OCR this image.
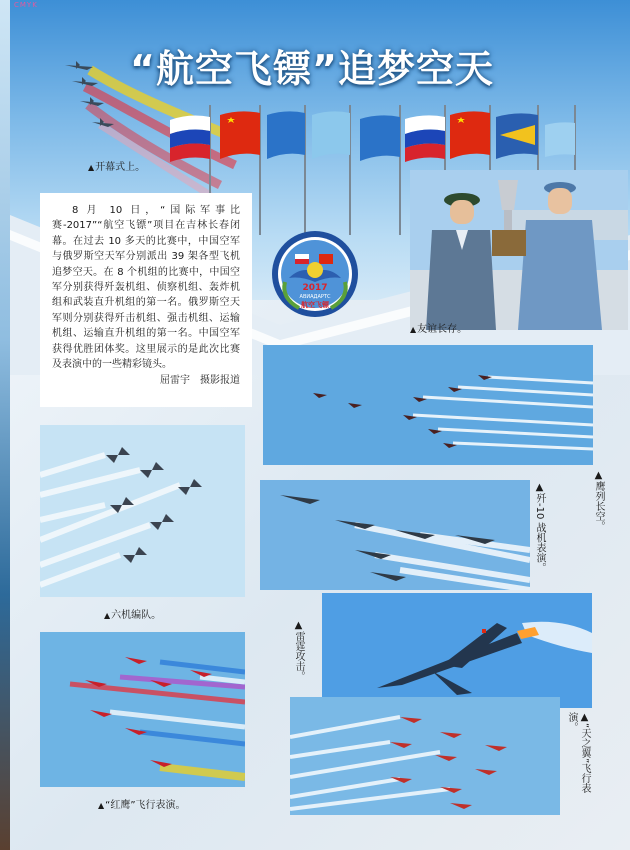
CMYK
“航空飞镖”追梦空天
▲开幕式上。
▲友谊长存。
8 月 10 日，“国际军事比赛-2017”“航空飞镖”项目在吉林长春闭幕。在过去 10 多天的比赛中，中国空军与俄罗斯空天军分别派出 39 架各型飞机追梦空天。在 8 个机组的比赛中，中国空军分别获得歼轰机组、侦察机组、轰炸机组和武装直升机组的第一名。俄罗斯空天军则分别获得歼击机组、强击机组、运输机组、运输直升机组的第一名。中国空军获得优胜团体奖。这里展示的是此次比赛及表演中的一些精彩镜头。
屈雷宇　摄影报道
2017
АВИАДАРТС
航空飞镖
▲鹰列长空。
▲六机编队。
▲歼-10 战机表演。
▲“红鹰”飞行表演。
▲雷霆攻击。
▲“天之翼”飞行表演。
